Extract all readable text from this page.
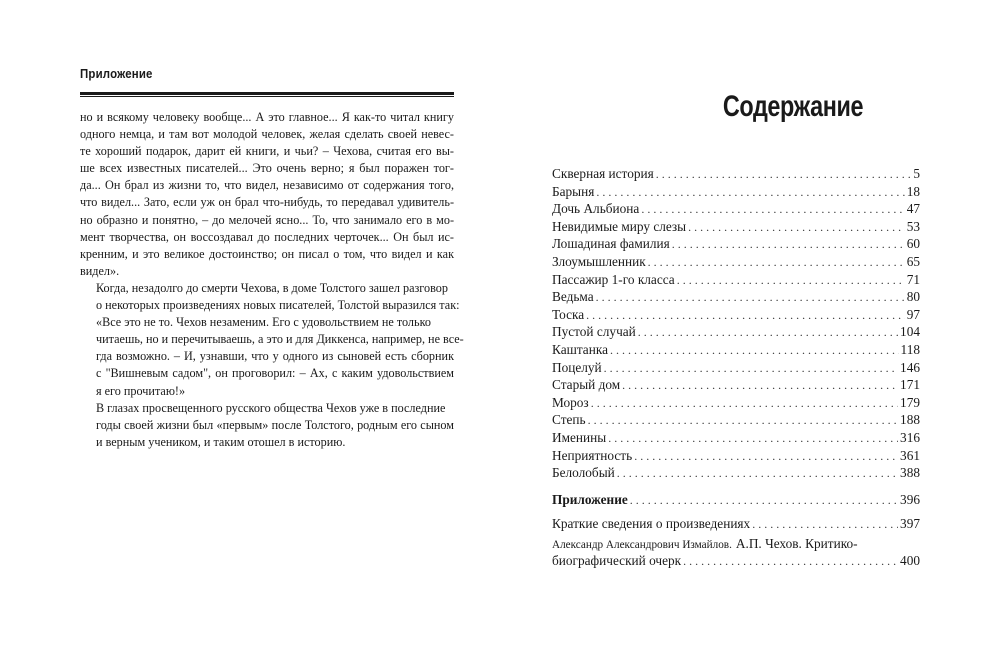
Приложение

но и всякому человеку вообще... А это главное... Я как-то читал книгу
одного немца, и там вот молодой человек, желая сделать своей невес-
те хороший подарок, дарит ей книги, и чьи? – Чехова, считая его вы-
ше всех известных писателей... Это очень верно; я был поражен тог-
да... Он брал из жизни то, что видел, независимо от содержания того,
что видел... Зато, если уж он брал что-нибудь, то передавал удивитель-
но образно и понятно, – до мелочей ясно... То, что занимало его в мо-
мент творчества, он воссоздавал до последних черточек... Он был ис-
кренним, и это великое достоинство; он писал о том, что видел и как
видел».

Когда, незадолго до смерти Чехова, в доме Толстого зашел разговор
о некоторых произведениях новых писателей, Толстой выразился так:

«Все это не то. Чехов незаменим. Его с удовольствием не только
читаешь, но и перечитываешь, а это и для Диккенса, например, не все-
гда возможно. – И, узнавши, что у одного из сыновей есть сборник
с "Вишневым садом", он проговорил: – Ах, с каким удовольствием
я его прочитаю!»

В глазах просвещенного русского общества Чехов уже в последние
годы своей жизни был «первым» после Толстого, родным его сыном
и верным учеником, и таким отошел в историю.

Содержание
Скверная история . . .	5
Барыня . . .	18
Дочь Альбиона . . .	47
Невидимые миру слезы . . .	53
Лошадиная фамилия . . .	60
Злоумышленник . . .	65
Пассажир 1-го класса . . .	71
Ведьма . . .	80
Тоска . . .	97
Пустой случай . . .	104
Каштанка . . .	118
Поцелуй . . .	146
Старый дом . . .	171
Мороз . . .	179
Степь . . .	188
Именины . . .	316
Неприятность . . .	361
Белолобый . . .	388
Приложение . . .	396
Краткие сведения о произведениях . . .	397
Александр Александрович Измайлов. А.П. Чехов. Критико-
биографический очерк . . .	400
